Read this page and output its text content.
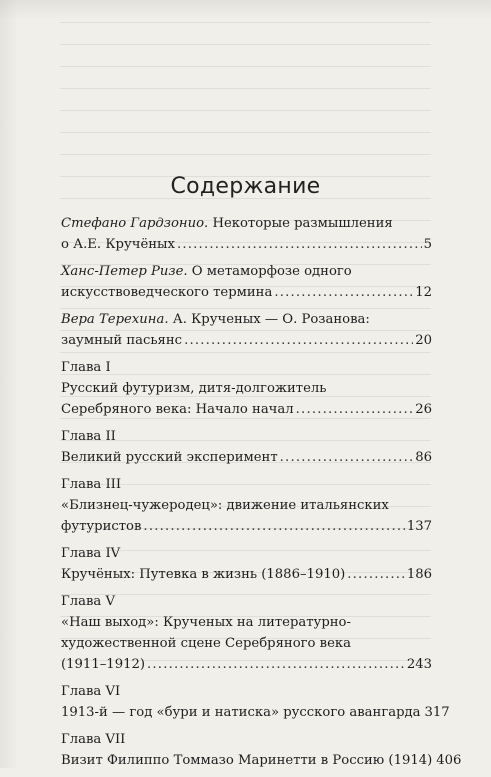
Содержание
Стефано Гардзонио. Некоторые размышления
о А.Е. Кручёных .....	5
Ханс-Петер Ризе. О метаморфозе одного
искусствоведческого термина .....	12
Вера Терехина. А. Крученых — О. Розанова:
заумный пасьянс .....	20
Глава I
Русский футуризм, дитя-долгожитель
Серебряного века: Начало начал .....	26
Глава II
Великий русский эксперимент .....	86
Глава III
«Близнец-чужеродец»: движение итальянских
футуристов .....	137
Глава IV
Кручёных: Путевка в жизнь (1886–1910) .....	186
Глава V
«Наш выход»: Крученых на литературно-
художественной сцене Серебряного века
(1911–1912) .....	243
Глава VI
1913-й — год «бури и натиска» русского авангарда 317
Глава VII
Визит Филиппо Томмазо Маринетти в Россию (1914) 406
